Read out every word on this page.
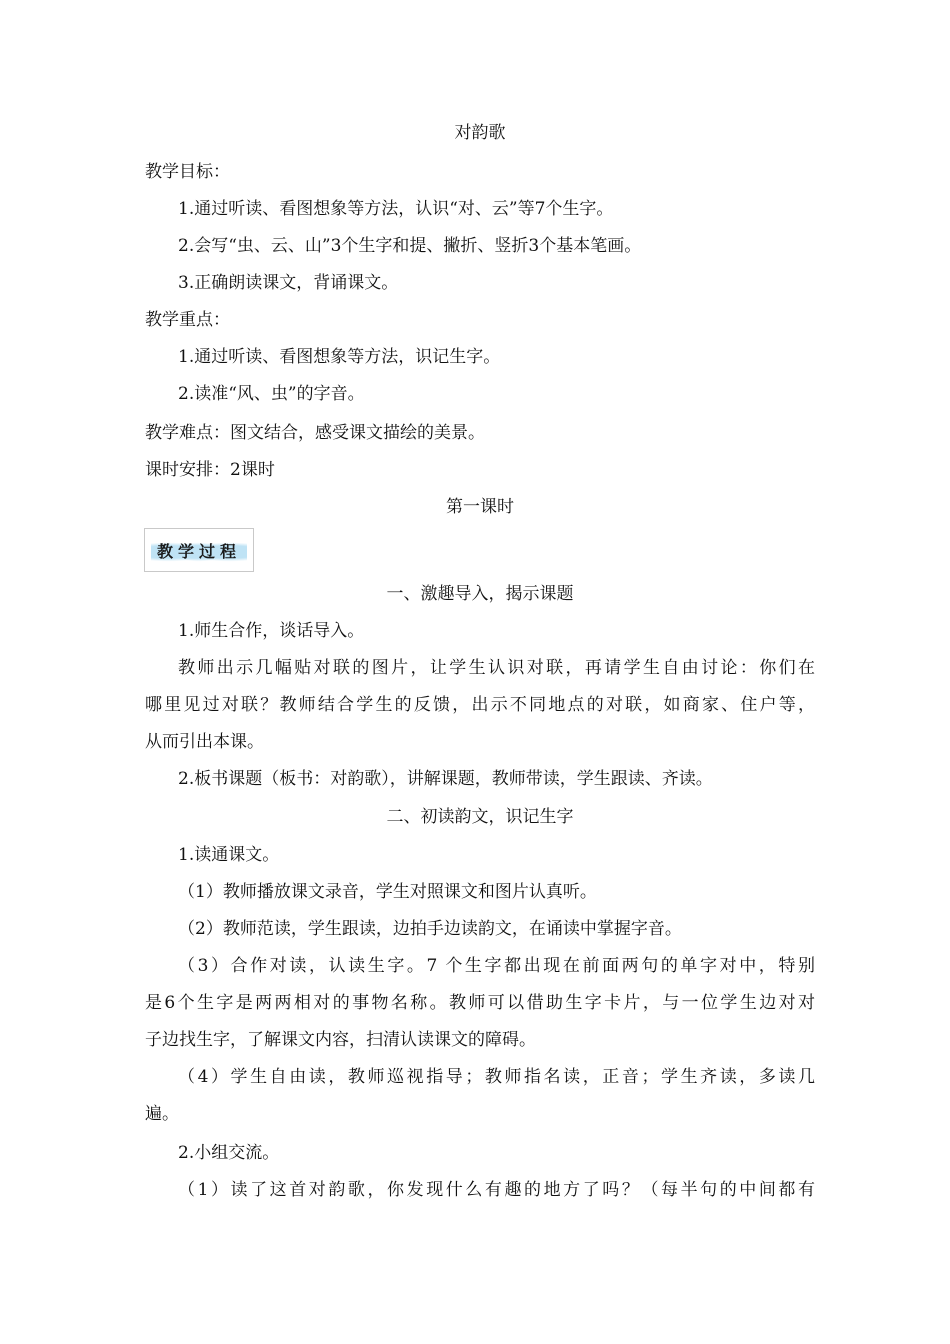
对韵歌
教学目标：
1.通过听读、看图想象等方法，认识“对、云”等7个生字。
2.会写“虫、云、山”3个生字和提、撇折、竖折3个基本笔画。
3.正确朗读课文，背诵课文。
教学重点：
1.通过听读、看图想象等方法，识记生字。
2.读准“风、虫”的字音。
教学难点：图文结合，感受课文描绘的美景。
课时安排：2课时
第一课时
教学过程
一、激趣导入，揭示课题
1.师生合作，谈话导入。
教师出示几幅贴对联的图片，让学生认识对联，再请学生自由讨论：你们在
哪里见过对联？教师结合学生的反馈，出示不同地点的对联，如商家、住户等，
从而引出本课。
2.板书课题（板书：对韵歌），讲解课题，教师带读，学生跟读、齐读。
二、初读韵文，识记生字
1.读通课文。
（1）教师播放课文录音，学生对照课文和图片认真听。
（2）教师范读，学生跟读，边拍手边读韵文，在诵读中掌握字音。
（3）合作对读，认读生字。7 个生字都出现在前面两句的单字对中，特别
是6个生字是两两相对的事物名称。教师可以借助生字卡片，与一位学生边对对
子边找生字，了解课文内容，扫清认读课文的障碍。
（4）学生自由读，教师巡视指导；教师指名读，正音；学生齐读，多读几
遍。
2.小组交流。
（1）读了这首对韵歌，你发现什么有趣的地方了吗？（每半句的中间都有
